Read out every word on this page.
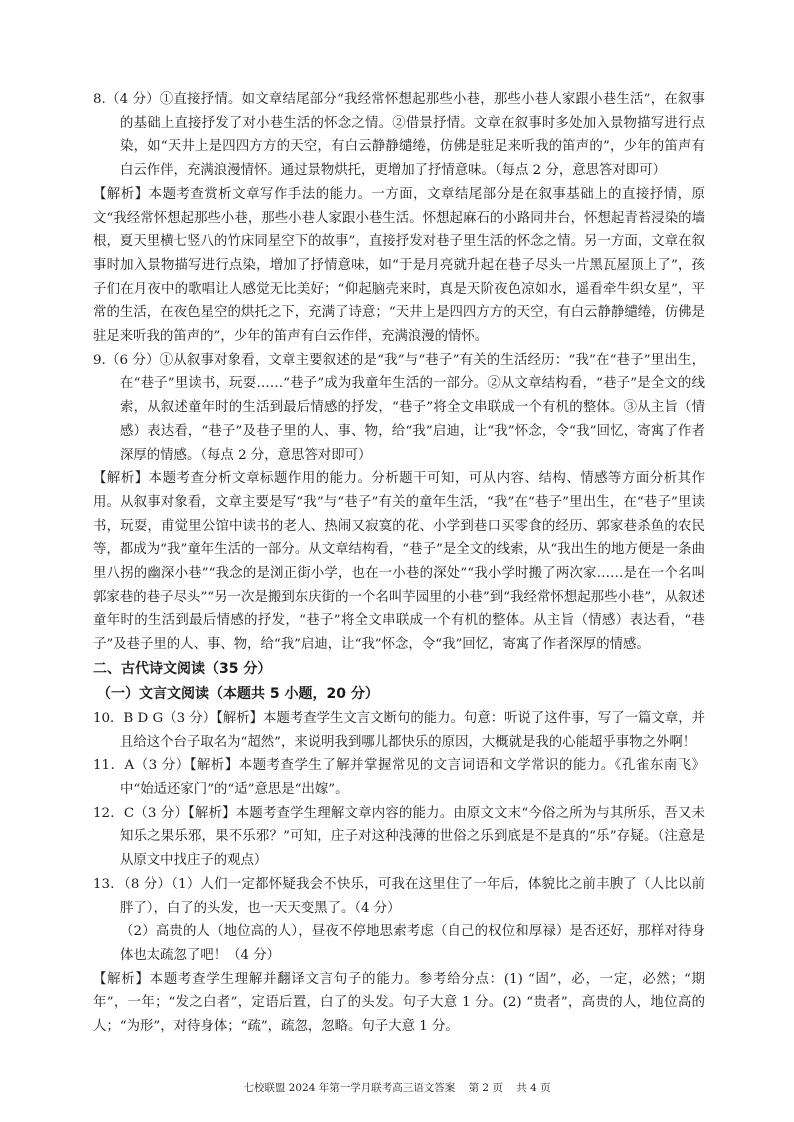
8.（4 分）①直接抒情。如文章结尾部分“我经常怀想起那些小巷，那些小巷人家跟小巷生活”，在叙事的基础上直接抒发了对小巷生活的怀念之情。②借景抒情。文章在叙事时多处加入景物描写进行点染，如“天井上是四四方方的天空，有白云静静缱绻，仿佛是驻足来听我的笛声的”，少年的笛声有白云作伴，充满浪漫情怀。通过景物烘托，更增加了抒情意味。（每点 2 分，意思答对即可）

【解析】本题考查赏析文章写作手法的能力。一方面，文章结尾部分是在叙事基础上的直接抒情，原文“我经常怀想起那些小巷，那些小巷人家跟小巷生活。怀想起麻石的小路同井台，怀想起青苔浸染的墙根，夏天里横七竖八的竹床同星空下的故事”，直接抒发对巷子里生活的怀念之情。另一方面，文章在叙事时加入景物描写进行点染，增加了抒情意味，如“于是月亮就升起在巷子尽头一片黑瓦屋顶上了”，孩子们在月夜中的歌唱让人感觉无比美好；“仰起脑壳来时，真是天阶夜色凉如水，遥看牵牛织女星”，平常的生活，在夜色星空的烘托之下，充满了诗意；“天井上是四四方方的天空，有白云静静缱绻，仿佛是驻足来听我的笛声的”，少年的笛声有白云作伴，充满浪漫的情怀。

9.（6 分）①从叙事对象看，文章主要叙述的是“我”与“巷子”有关的生活经历：“我”在“巷子”里出生，在“巷子”里读书，玩耍……“巷子”成为我童年生活的一部分。②从文章结构看，“巷子”是全文的线索，从叙述童年时的生活到最后情感的抒发，“巷子”将全文串联成一个有机的整体。③从主旨（情感）表达看，“巷子”及巷子里的人、事、物，给“我”启迪，让“我”怀念，令“我”回忆，寄寓了作者深厚的情感。（每点 2 分，意思答对即可）

【解析】本题考查分析文章标题作用的能力。分析题干可知，可从内容、结构、情感等方面分析其作用。从叙事对象看，文章主要是写“我”与“巷子”有关的童年生活，“我”在“巷子”里出生，在“巷子”里读书，玩耍，甫觉里公馆中读书的老人、热闹又寂寞的花、小学到巷口买零食的经历、郭家巷杀鱼的农民等，都成为“我”童年生活的一部分。从文章结构看，“巷子”是全文的线索，从“我出生的地方便是一条曲里八拐的幽深小巷”“我念的是浏正街小学，也在一小巷的深处”“我小学时搬了两次家……是在一个名叫郭家巷的巷子尽头”“另一次是搬到东庆街的一个名叫芋园里的小巷”到“我经常怀想起那些小巷”，从叙述童年时的生活到最后情感的抒发，“巷子”将全文串联成一个有机的整体。从主旨（情感）表达看，“巷子”及巷子里的人、事、物，给“我”启迪，让“我”怀念，令“我”回忆，寄寓了作者深厚的情感。

二、古代诗文阅读（35 分）

（一）文言文阅读（本题共 5 小题，20 分）

10．B D G（3 分）【解析】本题考查学生文言文断句的能力。句意：听说了这件事，写了一篇文章，并且给这个台子取名为“超然”，来说明我到哪儿都快乐的原因，大概就是我的心能超乎事物之外啊！

11．A（3 分）【解析】本题考查学生了解并掌握常见的文言词语和文学常识的能力。《孔雀东南飞》中“始适还家门”的“适”意思是“出嫁”。

12．C（3 分）【解析】本题考查学生理解文章内容的能力。由原文文末“今俗之所为与其所乐，吾又未知乐之果乐邪，果不乐邪？”可知，庄子对这种浅薄的世俗之乐到底是不是真的“乐”存疑。（注意是从原文中找庄子的观点）

13．（8 分）（1）人们一定都怀疑我会不快乐，可我在这里住了一年后，体貌比之前丰腴了（人比以前胖了），白了的头发，也一天天变黑了。（4 分）

（2）高贵的人（地位高的人），昼夜不停地思索考虑（自己的权位和厚禄）是否还好，那样对待身体也太疏忽了吧！（4 分）

【解析】本题考查学生理解并翻译文言句子的能力。参考给分点：(1) “固”，必，一定，必然；“期年”，一年；“发之白者”，定语后置，白了的头发。句子大意 1 分。(2) “贵者”，高贵的人，地位高的人；“为形”，对待身体；“疏”，疏忽，忽略。句子大意 1 分。

七校联盟 2024 年第一学月联考高三语文答案 第 2 页 共 4 页
